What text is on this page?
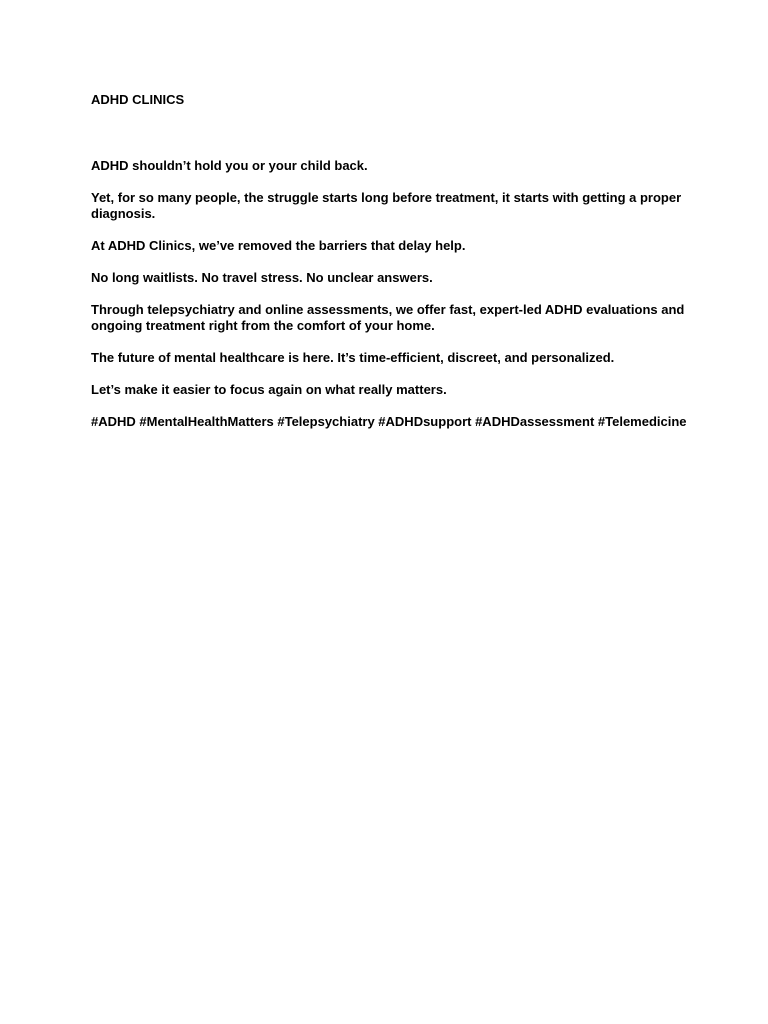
ADHD CLINICS

ADHD shouldn’t hold you or your child back.

Yet, for so many people, the struggle starts long before treatment, it starts with getting a proper diagnosis.

At ADHD Clinics, we’ve removed the barriers that delay help.

No long waitlists. No travel stress. No unclear answers.

Through telepsychiatry and online assessments, we offer fast, expert-led ADHD evaluations and ongoing treatment right from the comfort of your home.

The future of mental healthcare is here. It’s time-efficient, discreet, and personalized.

Let’s make it easier to focus again on what really matters.

#ADHD #MentalHealthMatters #Telepsychiatry #ADHDsupport #ADHDassessment #Telemedicine
